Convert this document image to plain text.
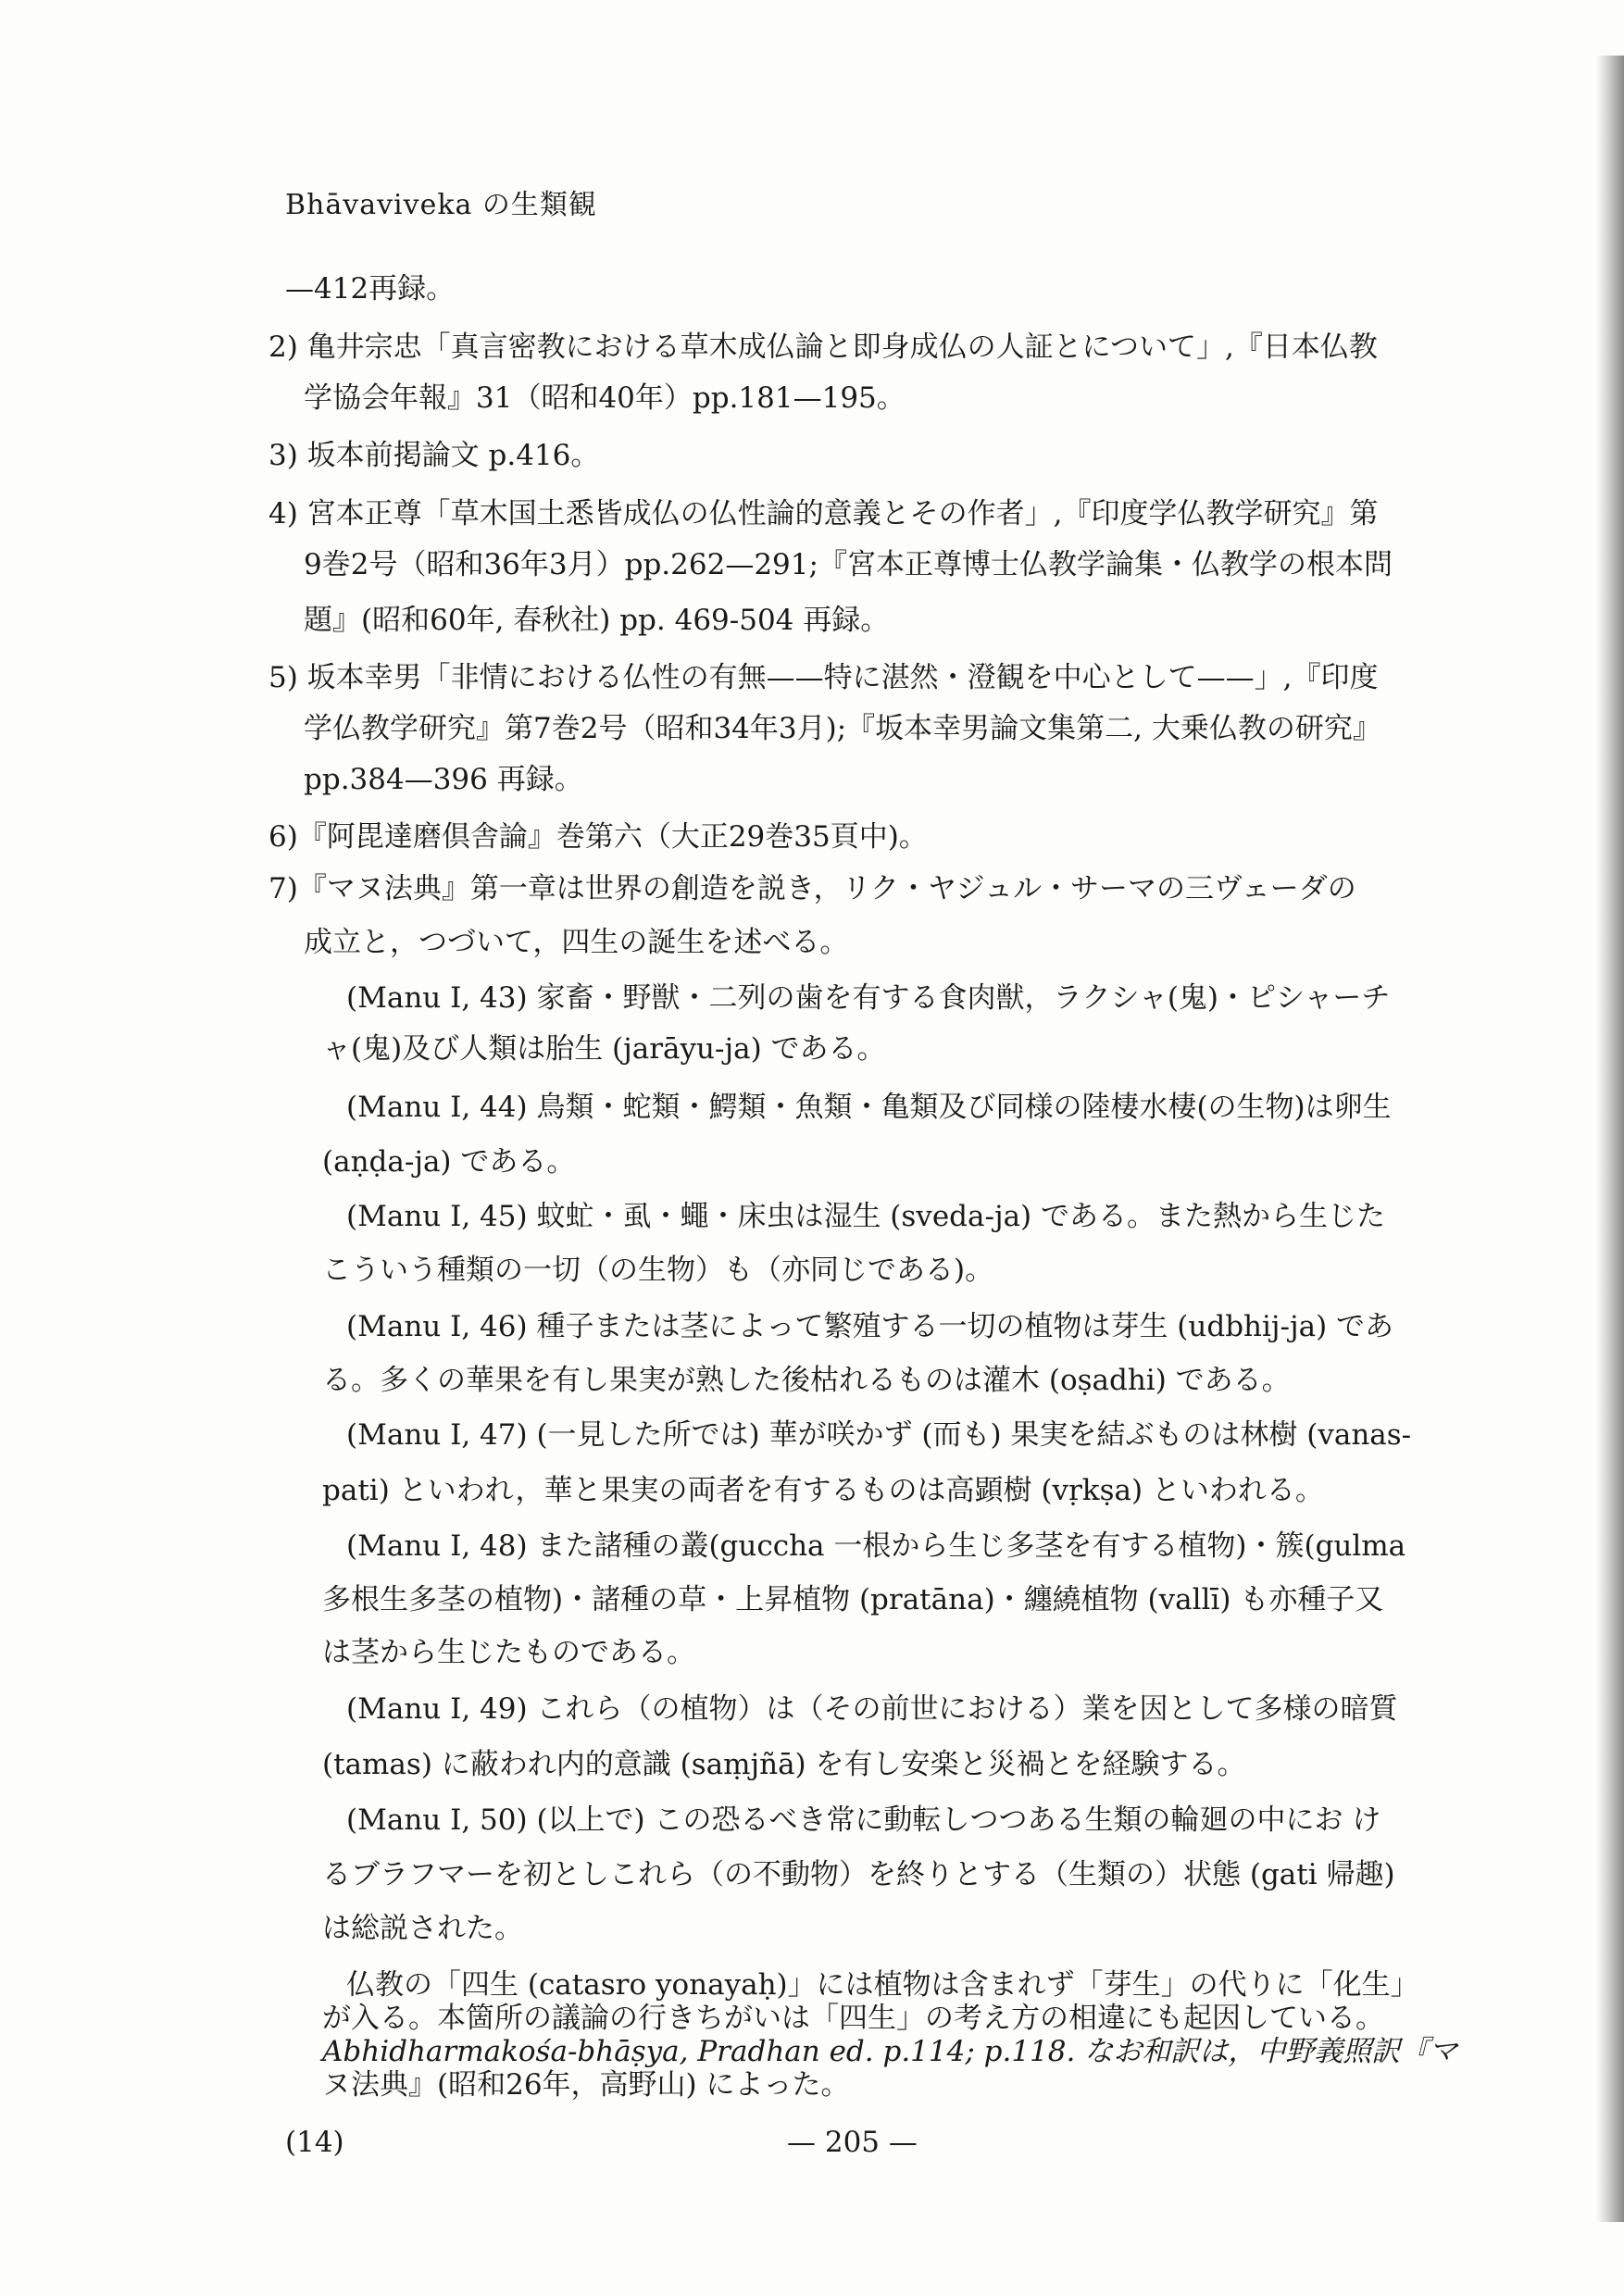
Bhāvaviveka の生類観
—412再録。
2) 亀井宗忠「真言密教における草木成仏論と即身成仏の人証とについて」,『日本仏教
学協会年報』31（昭和40年）pp.181—195。
3) 坂本前掲論文 p.416。
4) 宮本正尊「草木国土悉皆成仏の仏性論的意義とその作者」,『印度学仏教学研究』第
9巻2号（昭和36年3月）pp.262—291;『宮本正尊博士仏教学論集・仏教学の根本問
題』(昭和60年, 春秋社) pp. 469-504 再録。
5) 坂本幸男「非情における仏性の有無——特に湛然・澄観を中心として——」,『印度
学仏教学研究』第7巻2号（昭和34年3月);『坂本幸男論文集第二, 大乗仏教の研究』
pp.384—396 再録。
6)『阿毘達磨倶舎論』巻第六（大正29巻35頁中)。
7)『マヌ法典』第一章は世界の創造を説き，リク・ヤジュル・サーマの三ヴェーダの
成立と，つづいて，四生の誕生を述べる。
(Manu I, 43) 家畜・野獣・二列の歯を有する食肉獣，ラクシャ(鬼)・ピシャーチ
ャ(鬼)及び人類は胎生 (jarāyu-ja) である。
(Manu I, 44) 鳥類・蛇類・鰐類・魚類・亀類及び同様の陸棲水棲(の生物)は卵生
(aṇḍa-ja) である。
(Manu I, 45) 蚊虻・虱・蠅・床虫は湿生 (sveda-ja) である。また熱から生じた
こういう種類の一切（の生物）も（亦同じである)。
(Manu I, 46) 種子または茎によって繁殖する一切の植物は芽生 (udbhij-ja) であ
る。多くの華果を有し果実が熟した後枯れるものは灌木 (oṣadhi) である。
(Manu I, 47) (一見した所では) 華が咲かず (而も) 果実を結ぶものは林樹 (vanas-
pati) といわれ，華と果実の両者を有するものは高顕樹 (vṛkṣa) といわれる。
(Manu I, 48) また諸種の叢(guccha 一根から生じ多茎を有する植物)・簇(gulma
多根生多茎の植物)・諸種の草・上昇植物 (pratāna)・纏繞植物 (vallī) も亦種子又
は茎から生じたものである。
(Manu I, 49) これら（の植物）は（その前世における）業を因として多様の暗質
(tamas) に蔽われ内的意識 (saṃjñā) を有し安楽と災禍とを経験する。
(Manu I, 50) (以上で) この恐るべき常に動転しつつある生類の輪廻の中にお け
るブラフマーを初としこれら（の不動物）を終りとする（生類の）状態 (gati 帰趣)
は総説された。
仏教の「四生 (catasro yonayaḥ)」には植物は含まれず「芽生」の代りに「化生」
が入る。本箇所の議論の行きちがいは「四生」の考え方の相違にも起因している。
Abhidharmakośa-bhāṣya, Pradhan ed. p.114; p.118. なお和訳は，中野義照訳『マ
ヌ法典』(昭和26年，高野山) によった。
(14)	— 205 —
